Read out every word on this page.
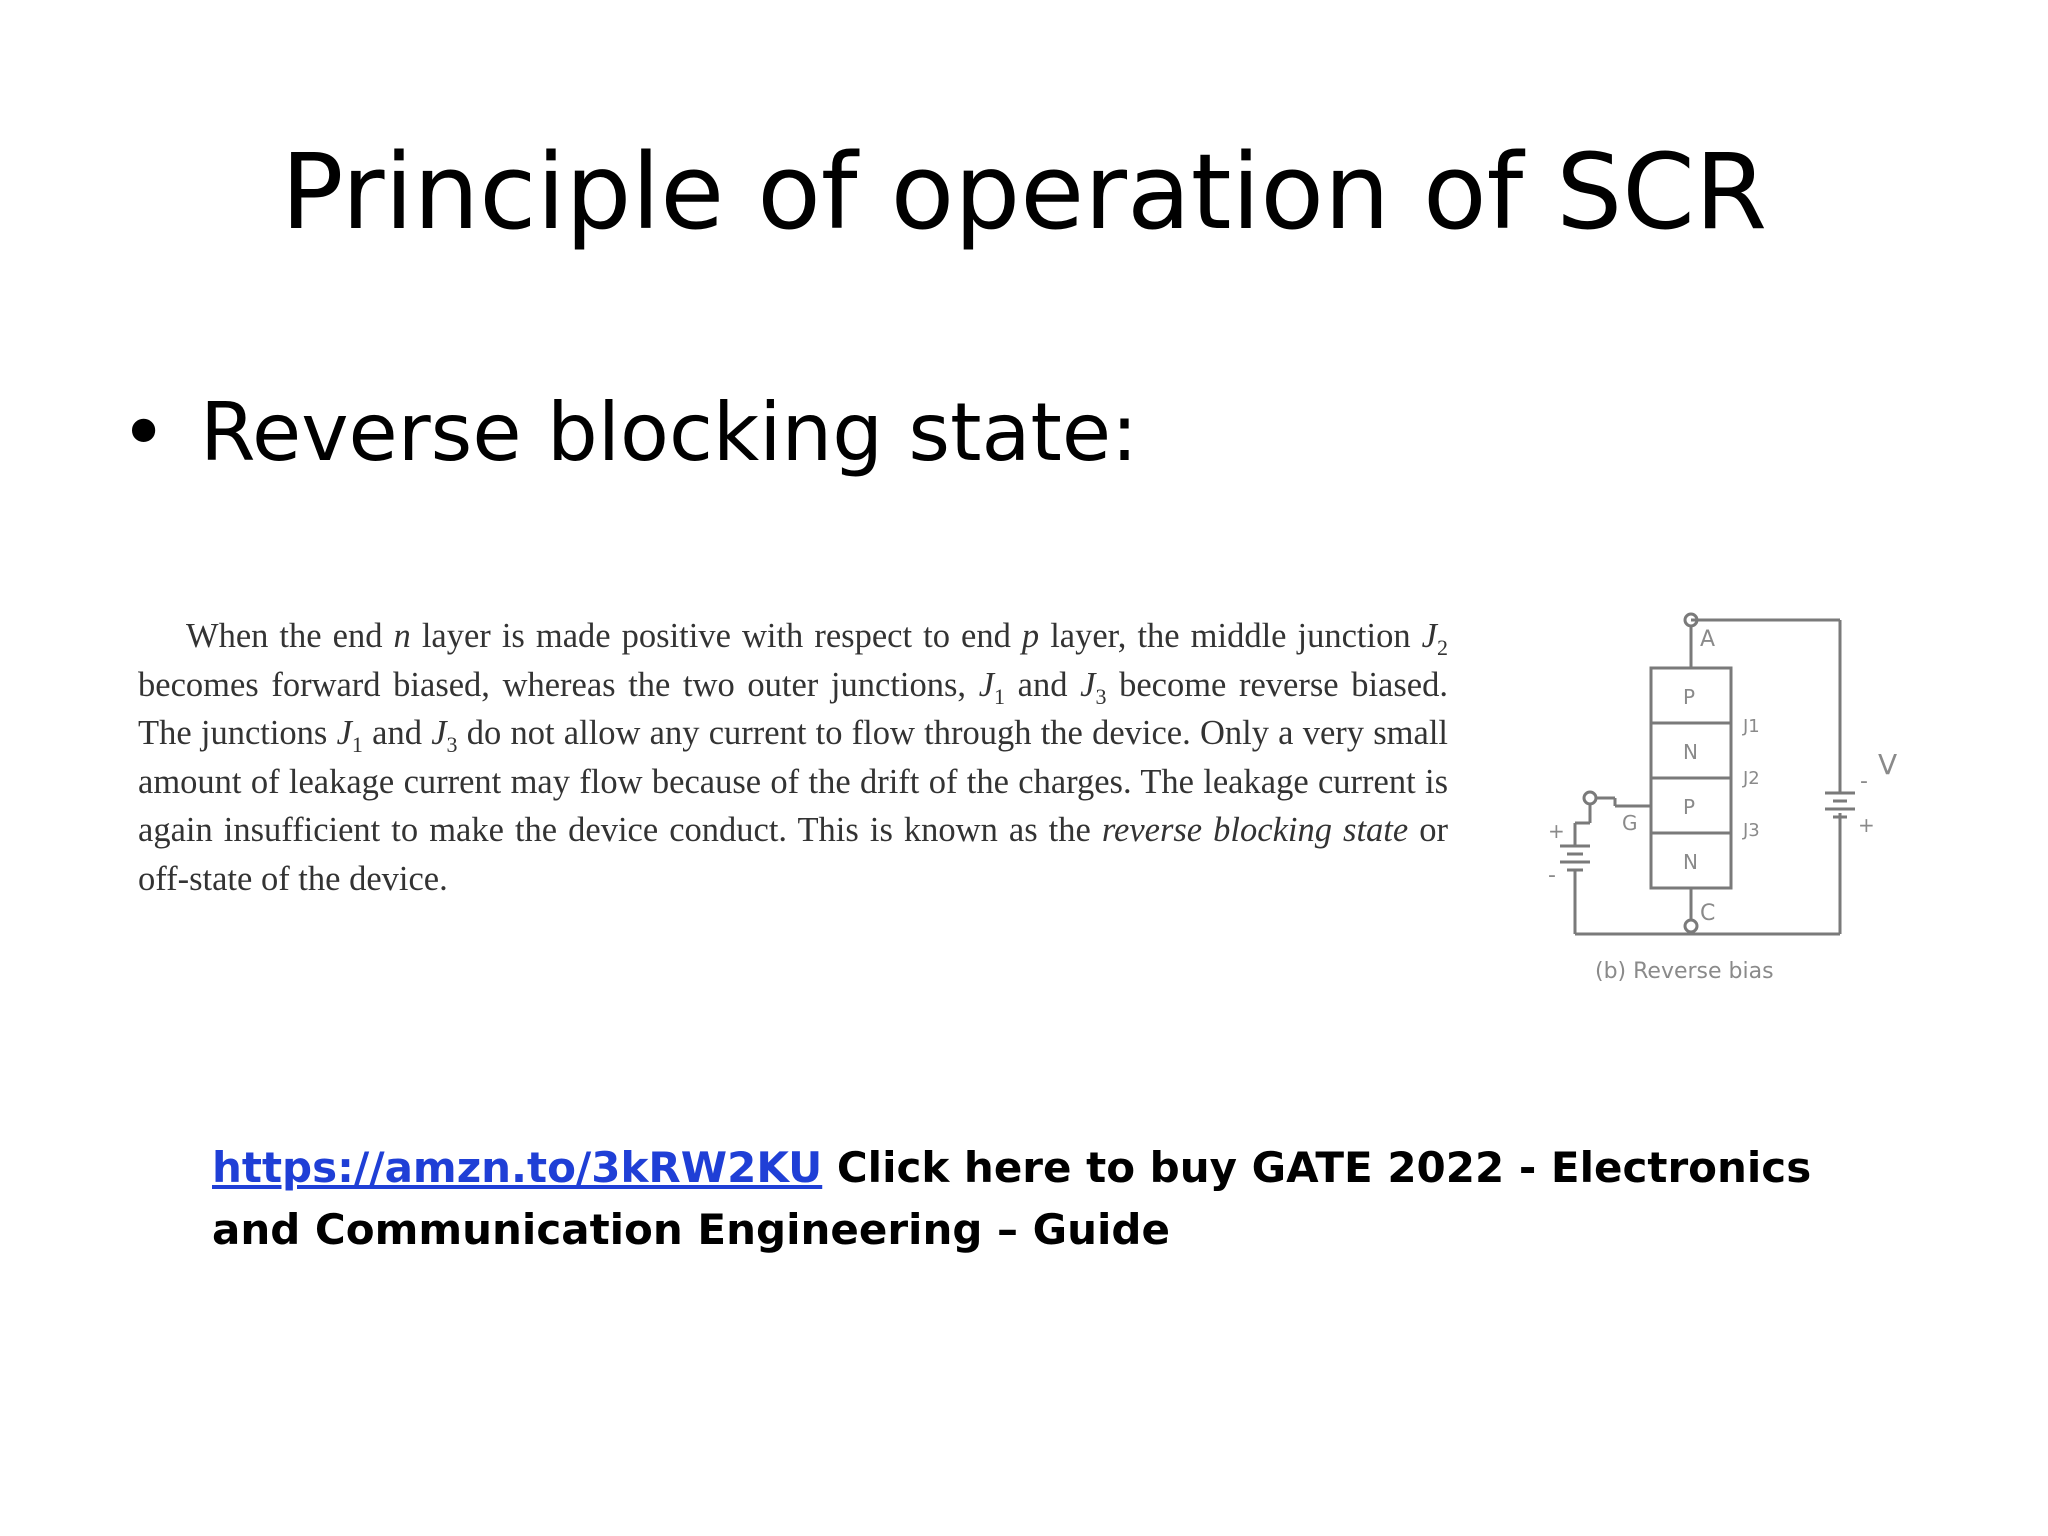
Principle of operation of SCR
• Reverse blocking state:
When the end n layer is made positive with respect to end p layer, the middle junction $J_2$ becomes forward biased, whereas the two outer junctions, $J_1$ and $J_3$ become reverse biased. The junctions $J_1$ and $J_3$ do not allow any current to flow through the device. Only a very small amount of leakage current may flow because of the drift of the charges. The leakage current is again insufficient to make the device conduct. This is known as the reverse blocking state or off-state of the device.
A
C
G
P
N
P
N
J1
J2
J3
V
-
+
+
-
(b) Reverse bias
https://amzn.to/3kRW2KU Click here to buy GATE 2022 - Electronics and Communication Engineering – Guide
